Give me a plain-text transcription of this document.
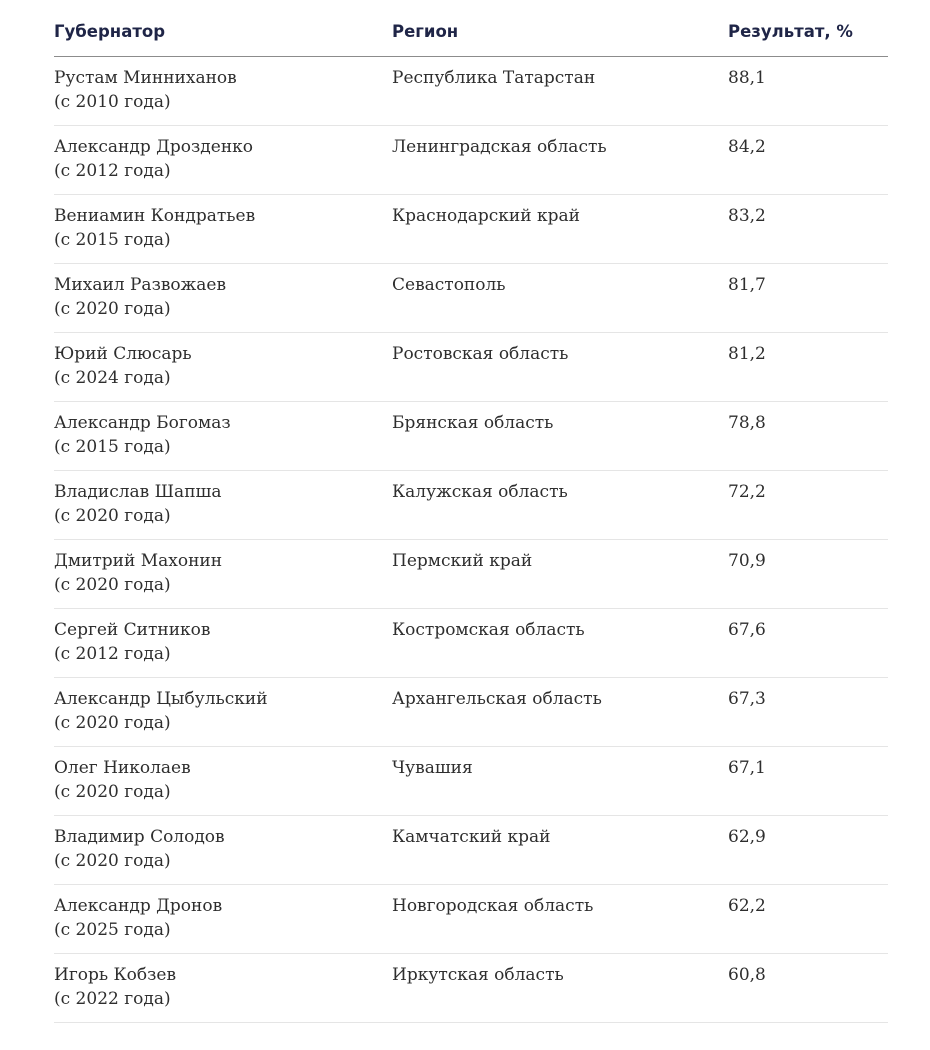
Губернатор	Регион	Результат, %
Рустам Минниханов
(с 2010 года)
Республика Татарстан	88,1
Александр Дрозденко
(с 2012 года)
Ленинградская область	84,2
Вениамин Кондратьев
(с 2015 года)
Краснодарский край	83,2
Михаил Развожаев
(с 2020 года)
Севастополь	81,7
Юрий Слюсарь
(с 2024 года)
Ростовская область	81,2
Александр Богомаз
(с 2015 года)
Брянская область	78,8
Владислав Шапша
(с 2020 года)
Калужская область	72,2
Дмитрий Махонин
(с 2020 года)
Пермский край	70,9
Сергей Ситников
(с 2012 года)
Костромская область	67,6
Александр Цыбульский
(с 2020 года)
Архангельская область	67,3
Олег Николаев
(с 2020 года)
Чувашия	67,1
Владимир Солодов
(с 2020 года)
Камчатский край	62,9
Александр Дронов
(с 2025 года)
Новгородская область	62,2
Игорь Кобзев
(с 2022 года)
Иркутская область	60,8
